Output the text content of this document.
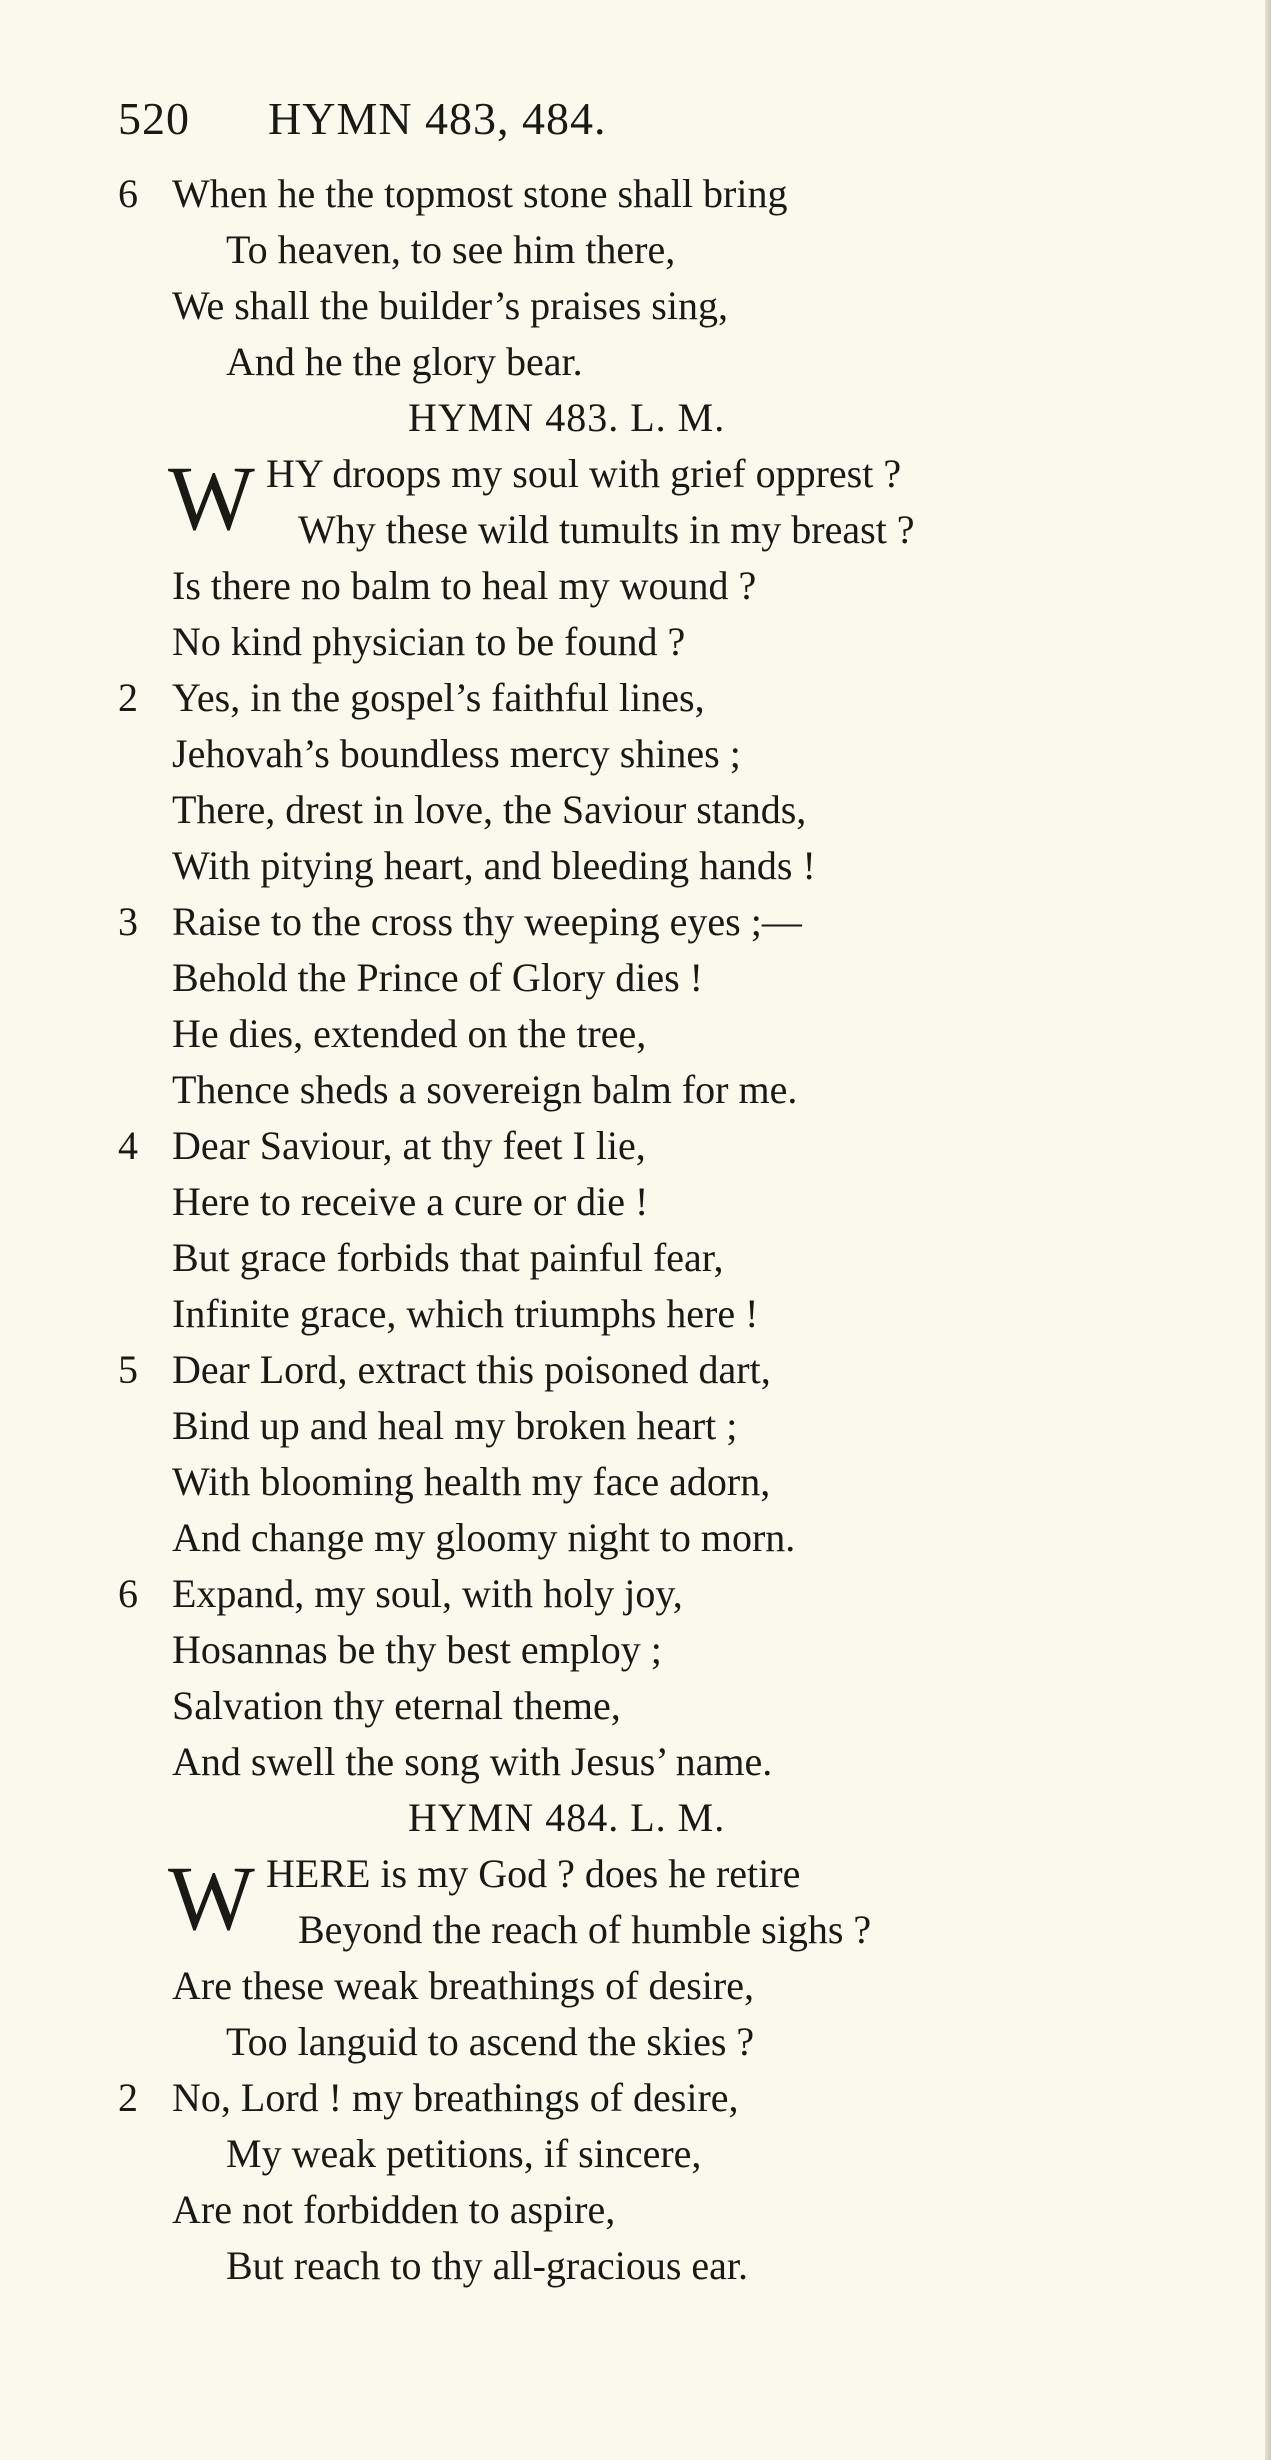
520 HYMN 483, 484.
6 When he the topmost stone shall bring
To heaven, to see him there,
We shall the builder’s praises sing,
And he the glory bear.
HYMN 483. L. M.
W HY droops my soul with grief opprest ?
Why these wild tumults in my breast ?
Is there no balm to heal my wound ?
No kind physician to be found ?
2 Yes, in the gospel’s faithful lines,
Jehovah’s boundless mercy shines ;
There, drest in love, the Saviour stands,
With pitying heart, and bleeding hands !
3 Raise to the cross thy weeping eyes ;—
Behold the Prince of Glory dies !
He dies, extended on the tree,
Thence sheds a sovereign balm for me.
4 Dear Saviour, at thy feet I lie,
Here to receive a cure or die !
But grace forbids that painful fear,
Infinite grace, which triumphs here !
5 Dear Lord, extract this poisoned dart,
Bind up and heal my broken heart ;
With blooming health my face adorn,
And change my gloomy night to morn.
6 Expand, my soul, with holy joy,
Hosannas be thy best employ ;
Salvation thy eternal theme,
And swell the song with Jesus’ name.
HYMN 484. L. M.
W HERE is my God ? does he retire
Beyond the reach of humble sighs ?
Are these weak breathings of desire,
Too languid to ascend the skies ?
2 No, Lord ! my breathings of desire,
My weak petitions, if sincere,
Are not forbidden to aspire,
But reach to thy all-gracious ear.
